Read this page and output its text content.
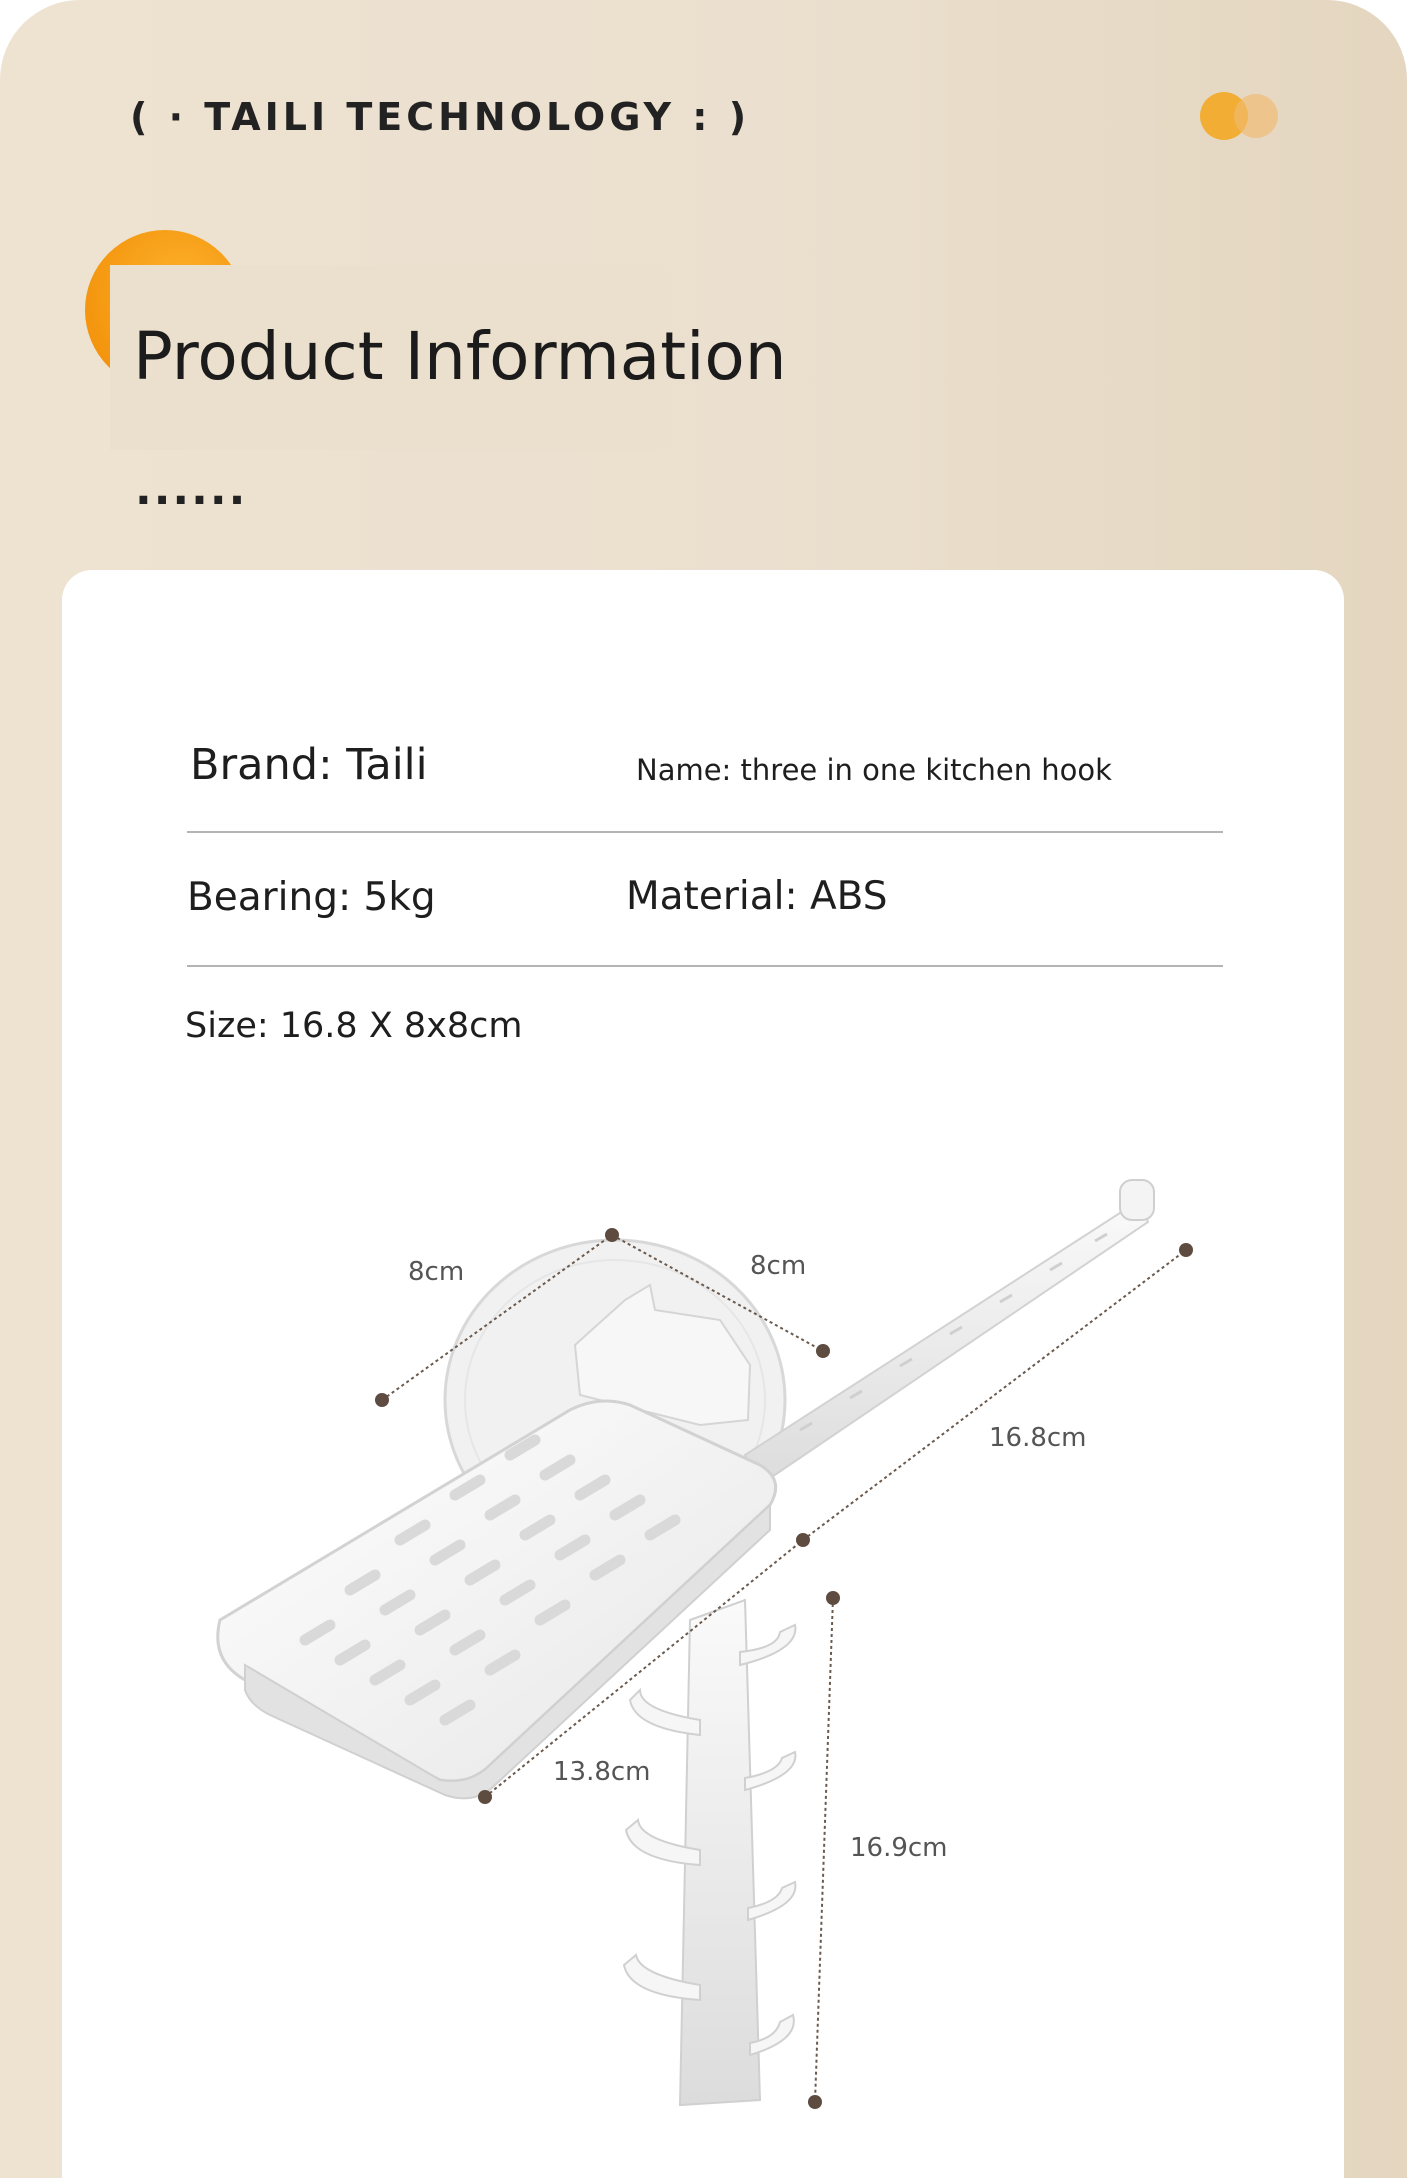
( · TAILI TECHNOLOGY : )
Product Information
......
Brand: Taili	Name: three in one kitchen hook
Bearing: 5kg	Material: ABS
Size: 16.8 X 8x8cm
8cm	8cm
16.8cm
13.8cm
16.9cm
